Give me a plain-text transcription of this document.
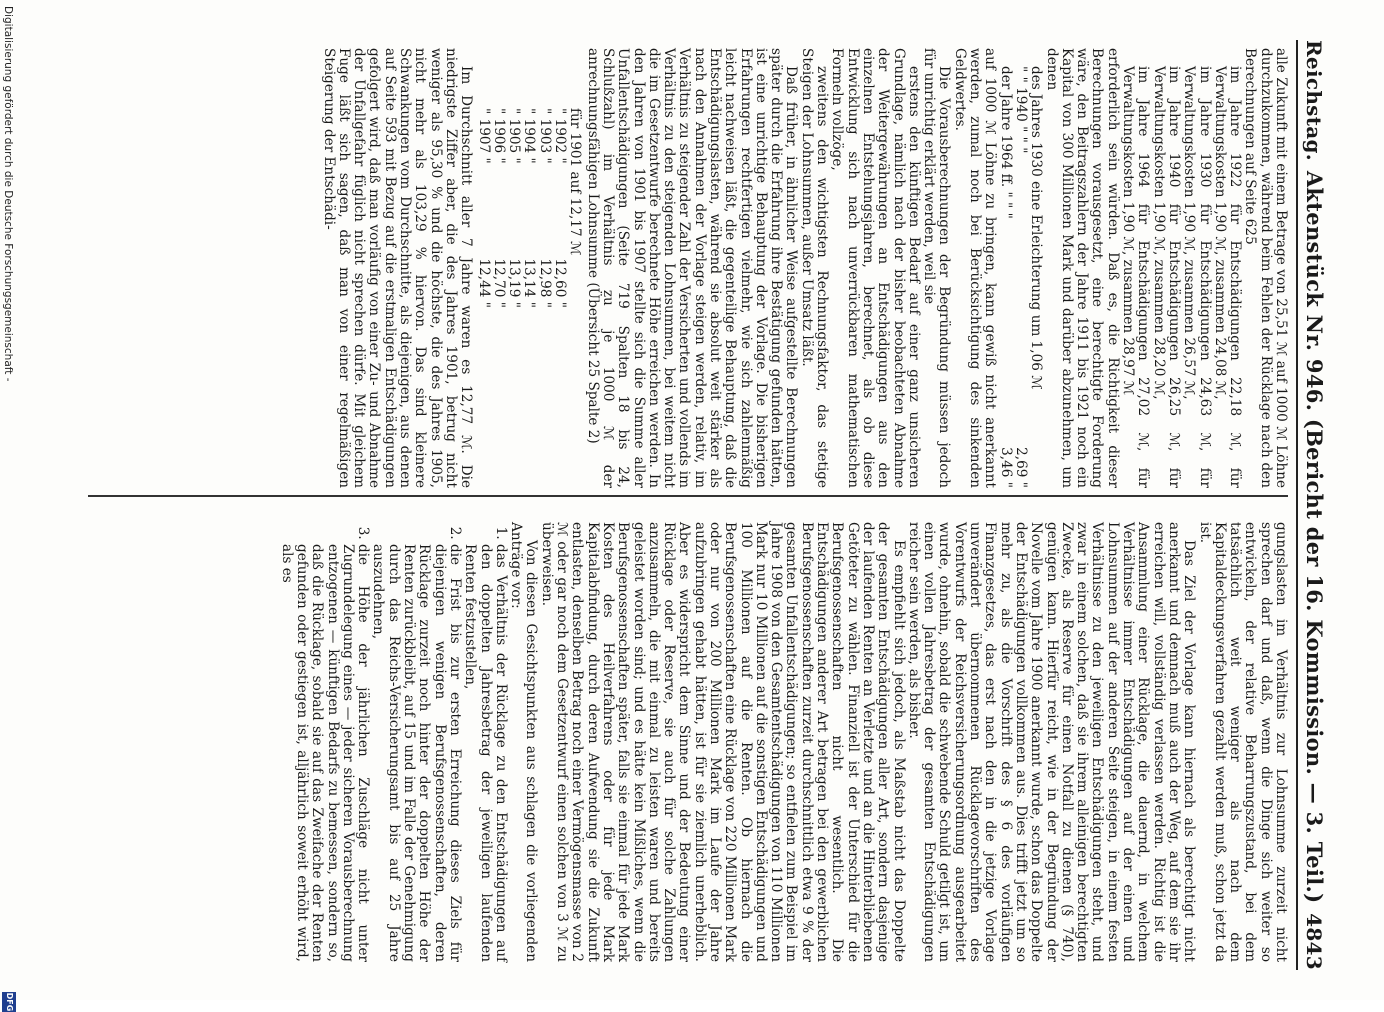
Reichstag.
Aktenstück Nr. 946. (Bericht der 16. Kommission. — 3. Teil.)
4843

alle Zukunft mit einem Betrage von 25,51 ℳ auf 1000 ℳ Löhne durchzukommen, während beim Fehlen der Rücklage nach den Berechnungen auf Seite 625

im Jahre 1922 für Entschädigungen 22,18 ℳ, für Verwaltungskosten 1,90 ℳ, zusammen 24,08 ℳ,
im Jahre 1930 für Entschädigungen 24,63 ℳ, für Verwaltungskosten 1,90 ℳ, zusammen 26,57 ℳ,
im Jahre 1940 für Entschädigungen 26,25 ℳ, für Verwaltungskosten 1,90 ℳ, zusammen 28,20 ℳ,
im Jahre 1964 für Entschädigungen 27,02 ℳ, für Verwaltungskosten 1,90 ℳ, zusammen 28,97 ℳ

erforderlich sein würden. Daß es, die Richtigkeit dieser Berechnungen vorausgesetzt, eine berechtigte Forderung wäre, den Beitragszahlern der Jahre 1911 bis 1921 noch ein Kapital von 300 Millionen Mark und darüber abzunehmen, um denen

des Jahres 1930 eine Erleichterung um 1,06 ℳ
" " 1940 " " "
2,69 "
der Jahre 1964 ff. " " "
3,46 "

auf 1000 ℳ Löhne zu bringen, kann gewiß nicht anerkannt werden, zumal noch bei Berücksichtigung des sinkenden Geldwertes.

Die Vorausberechnungen der Begründung müssen jedoch für unrichtig erklärt werden, weil sie

erstens den künftigen Bedarf auf einer ganz unsicheren Grundlage, nämlich nach der bisher beobachteten Abnahme der Weitergewährungen an Entschädigungen aus den einzelnen Entstehungsjahren, berechnet, als ob diese Entwicklung sich nach unverrückbaren mathematischen Formeln vollzöge,

zweitens den wichtigsten Rechnungsfaktor, das stetige Steigen der Lohnsummen, außer Umsatz läßt.

Daß früher, in ähnlicher Weise aufgestellte Berechnungen später durch die Erfahrung ihre Bestätigung gefunden hätten, ist eine unrichtige Behauptung der Vorlage. Die bisherigen Erfahrungen rechtfertigen vielmehr, wie sich zahlenmäßig leicht nachweisen läßt, die gegenteilige Behauptung, daß die Entschädigungslasten, während sie absolut weit stärker als nach den Annahmen der Vorlage steigen werden, relativ, im Verhältnis zu steigender Zahl der Versicherten und vollends im Verhältnis zu den steigenden Lohnsummen, bei weitem nicht die im Gesetzentwurfe berechnete Höhe erreichen werden. In den Jahren von 1901 bis 1907 stellte sich die Summe aller Unfallentschädigungen (Seite 719 Spalten 18 bis 24, Schlußzahl) im Verhältnis zu je 1000 ℳ der anrechnungsfähigen Lohnsumme (Übersicht 25 Spalte 2)

für 1901 auf 12,17 ℳ
" 1902 "
12,60 "
" 1903 "
12,98 "
" 1904 "
13,14 "
" 1905 "
13,19 "
" 1906 "
12,70 "
" 1907 "
12,44 "

Im Durchschnitt aller 7 Jahre waren es 12,77 ℳ. Die niedrigste Ziffer aber, die des Jahres 1901, betrug nicht weniger als 95,30 % und die höchste, die des Jahres 1905, nicht mehr als 103,29 % hiervon. Das sind kleinere Schwankungen vom Durchschnitte, als diejenigen, aus denen auf Seite 593 mit Bezug auf die erstmaligen Entschädigungen gefolgert wird, daß man vorläufig von einer Zu- und Abnahme der Unfallgefahr füglich nicht sprechen dürfe. Mit gleichem Fuge läßt sich sagen, daß man von einer regelmäßigen Steigerung der Entschädi-

gungslasten im Verhältnis zur Lohnsumme zurzeit nicht sprechen darf und daß, wenn die Dinge sich weiter so entwickeln, der relative Beharrungszustand, bei dem tatsächlich weit weniger als nach dem Kapitaldeckungsverfahren gezahlt werden muß, schon jetzt da ist.

Das Ziel der Vorlage kann hiernach als berechtigt nicht anerkannt und demnach muß auch der Weg, auf dem sie ihr erreichen will, vollständig verlassen werden. Richtig ist die Ansammlung einer Rücklage, die dauernd, in welchem Verhältnisse immer Entschädigungen auf der einen und Lohnsummen auf der anderen Seite steigen, in einem festen Verhältnisse zu den jeweiligen Entschädigungen steht, und zwar in einem solchen, daß sie ihrem alleinigen berechtigten Zwecke, als Reserve für einen Notfall zu dienen (§ 740), genügen kann. Hierfür reicht, wie in der Begründung der Novelle vom Jahre 1900 anerkannt wurde, schon das Doppelte der Entschädigungen vollkommen aus. Dies trifft jetzt um so mehr zu, als die Vorschrift des § 6 des vorläufigen Finanzgesetzes, das erst nach den in die jetzige Vorlage unverändert übernommenen Rücklagevorschriften des Vorentwurfs der Reichsversicherungsordnung ausgearbeitet wurde, ohnehin, sobald die schwebende Schuld getilgt ist, um einen vollen Jahresbetrag der gesamten Entschädigungen reicher sein werden, als bisher.

Es empfiehlt sich jedoch, als Maßstab nicht das Doppelte der gesamten Entschädigungen aller Art, sondern dasjenige der laufenden Renten an Verletzte und an die Hinterbliebenen Getöteter zu wählen. Finanziell ist der Unterschied für die Berufsgenossenschaften nicht wesentlich. Die Entschädigungen anderer Art betragen bei den gewerblichen Berufsgenossenschaften zurzeit durchschnittlich etwa 9 % der gesamten Unfallentschädigungen; so entfielen zum Beispiel im Jahre 1908 von den Gesamtentschädigungen von 110 Millionen Mark nur 10 Millionen auf die sonstigen Entschädigungen und 100 Millionen auf die Renten. Ob hiernach die Berufsgenossenschaften eine Rücklage von 220 Millionen Mark oder nur von 200 Millionen Mark im Laufe der Jahre aufzubringen gehabt hätten, ist für sie ziemlich unerheblich. Aber es widerspricht dem Sinne und der Bedeutung einer Rücklage oder Reserve, sie auch für solche Zahlungen anzusammeln, die mit einmal zu leisten waren und bereits geleistet worden sind; und es hätte kein Mißliches, wenn die Berufsgenossenschaften später, falls sie einmal für jede Mark Kosten des Heilverfahrens oder für jede Mark Kapitalabfindung, durch deren Aufwendung sie die Zukunft entlasten, denselben Betrag noch einer Vermögensmasse von 2 ℳ oder gar noch dem Gesetzentwurf einen solchen von 3 ℳ zu überweisen.

Von diesen Gesichtspunkten aus schlagen die vorliegenden Anträge vor:

1. das Verhältnis der Rücklage zu den Entschädigungen auf den doppelten Jahresbetrag der jeweiligen laufenden Renten festzustellen,
2. die Frist bis zur ersten Erreichung dieses Ziels für diejenigen wenigen Berufsgenossenschaften, deren Rücklage zurzeit noch hinter der doppelten Höhe der Renten zurückbleibt, auf 15 und im Falle der Genehmigung durch das Reichs-Versicherungsamt bis auf 25 Jahre auszudehnen,
3. die Höhe der jährlichen Zuschläge nicht unter Zugrundelegung eines — jeder sicheren Vorausberechnung entzogenen — künftigen Bedarfs zu bemessen, sondern so, daß die Rücklage, sobald sie auf das Zweifache der Renten gefunden oder gestiegen ist, alljährlich soweit erhöht wird, als es
Digitalisierung gefördert durch die Deutsche Forschungsgemeinschaft -
DFG
